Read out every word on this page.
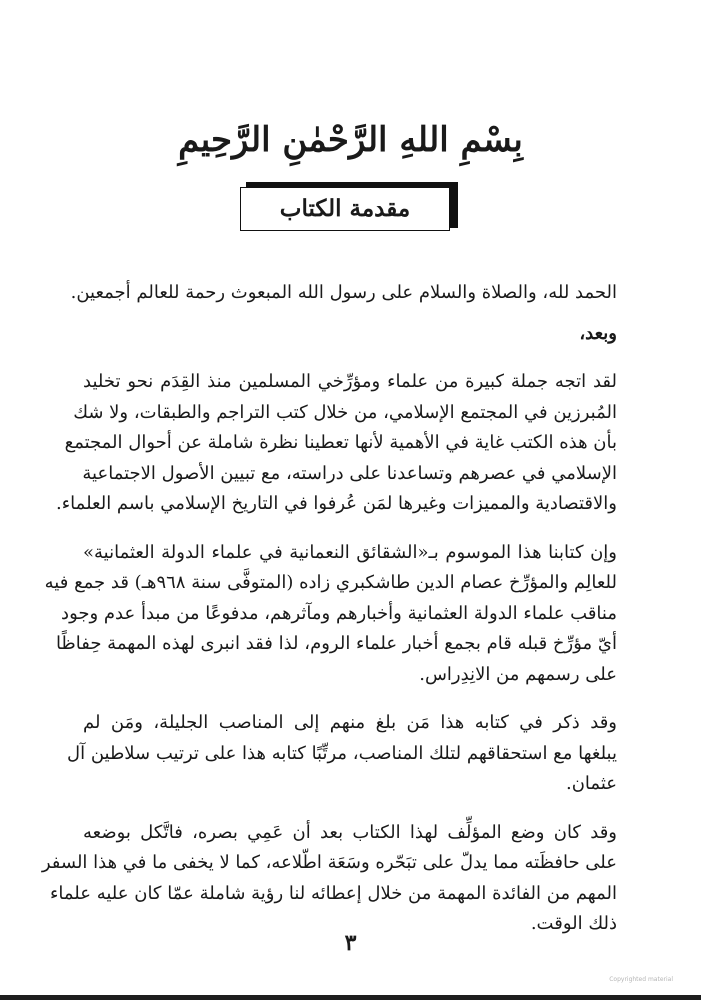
بِسْمِ اللهِ الرَّحْمٰنِ الرَّحِيمِ
مقدمة الكتاب

الحمد لله، والصلاة والسلام على رسول الله المبعوث رحمة للعالم أجمعين.

وبعد،

لقد اتجه جملة كبيرة من علماء ومؤرِّخي المسلمين منذ القِدَم نحو تخليد
المُبرزين في المجتمع الإسلامي، من خلال كتب التراجم والطبقات، ولا شك
بأن هذه الكتب غاية في الأهمية لأنها تعطينا نظرة شاملة عن أحوال المجتمع
الإسلامي في عصرهم وتساعدنا على دراسته، مع تبيين الأصول الاجتماعية
والاقتصادية والمميزات وغيرها لمَن عُرفوا في التاريخ الإسلامي باسم العلماء.

وإن كتابنا هذا الموسوم بـ«الشقائق النعمانية في علماء الدولة العثمانية»
للعالِم والمؤرِّخ عصام الدين طاشكبري زاده (المتوفَّى سنة ٩٦٨هـ) قد جمع فيه
مناقب علماء الدولة العثمانية وأخبارهم ومآثرهم، مدفوعًا من مبدأ عدم وجود
أيّ مؤرِّخ قبله قام بجمع أخبار علماء الروم، لذا فقد انبرى لهذه المهمة حِفاظًا
على رسمهم من الانِدِراس.

وقد ذكر في كتابه هذا مَن بلغ منهم إلى المناصب الجليلة، ومَن لم
يبلغها مع استحقاقهم لتلك المناصب، مرتِّبًا كتابه هذا على ترتيب سلاطين آل
عثمان.

وقد كان وضع المؤلِّف لهذا الكتاب بعد أن عَمِي بصره، فاتَّكل بوضعه
على حافظَته مما يدلّ على تبَحّره وسَعَة اطّلاعه، كما لا يخفى ما في هذا السفر
المهم من الفائدة المهمة من خلال إعطائه لنا رؤية شاملة عمّا كان عليه علماء
ذلك الوقت.

٣
Copyrighted material
